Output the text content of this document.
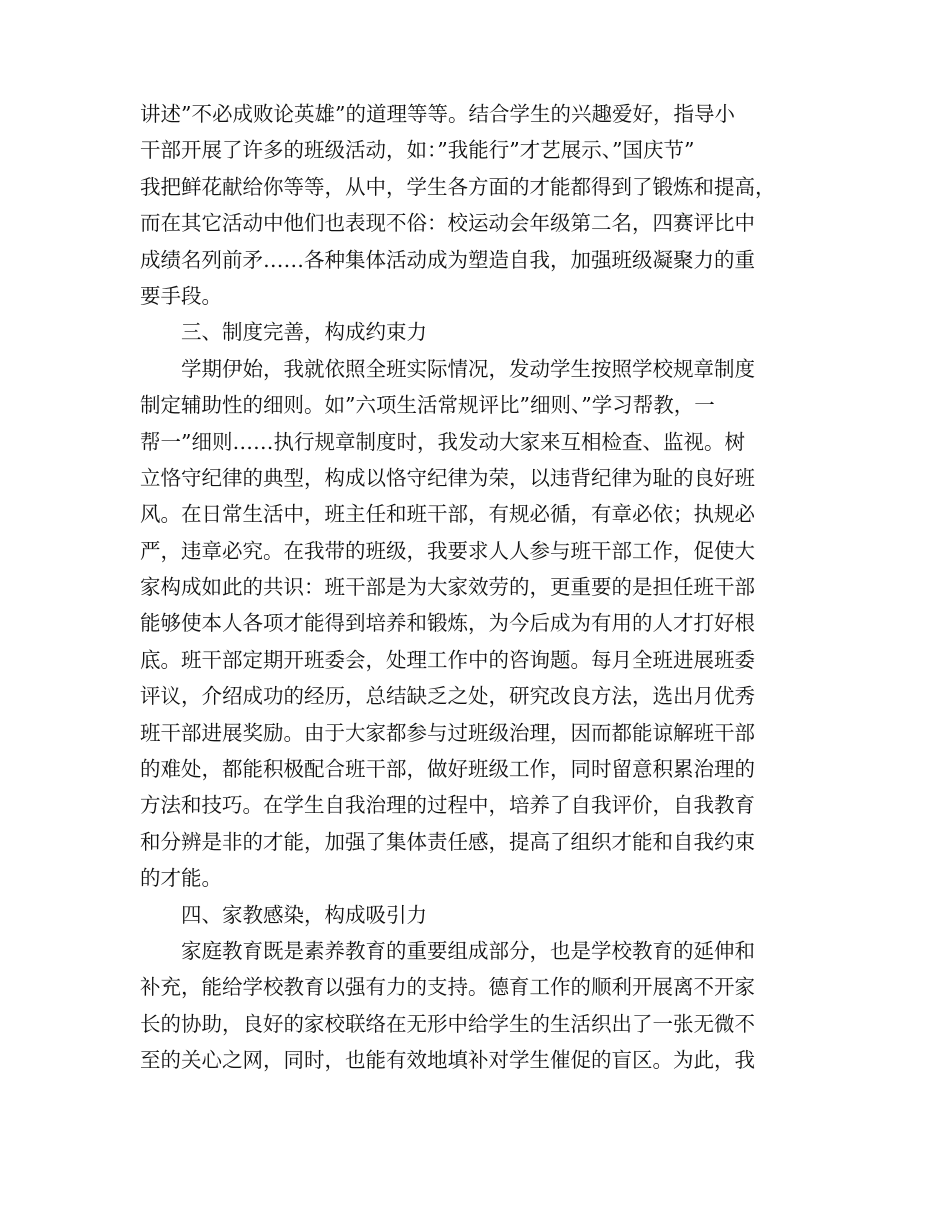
讲述”不必成败论英雄”的道理等等。结合学生的兴趣爱好，指导小
干部开展了许多的班级活动，如：”我能行”才艺展示、”国庆节”
我把鲜花献给你等等，从中，学生各方面的才能都得到了锻炼和提高，
而在其它活动中他们也表现不俗：校运动会年级第二名，四赛评比中
成绩名列前矛……各种集体活动成为塑造自我，加强班级凝聚力的重
要手段。
三、制度完善，构成约束力
学期伊始，我就依照全班实际情况，发动学生按照学校规章制度
制定辅助性的细则。如”六项生活常规评比”细则、”学习帮教，一
帮一”细则……执行规章制度时，我发动大家来互相检查、监视。树
立恪守纪律的典型，构成以恪守纪律为荣，以违背纪律为耻的良好班
风。在日常生活中，班主任和班干部，有规必循，有章必依；执规必
严，违章必究。在我带的班级，我要求人人参与班干部工作，促使大
家构成如此的共识：班干部是为大家效劳的，更重要的是担任班干部
能够使本人各项才能得到培养和锻炼，为今后成为有用的人才打好根
底。班干部定期开班委会，处理工作中的咨询题。每月全班进展班委
评议，介绍成功的经历，总结缺乏之处，研究改良方法，选出月优秀
班干部进展奖励。由于大家都参与过班级治理，因而都能谅解班干部
的难处，都能积极配合班干部，做好班级工作，同时留意积累治理的
方法和技巧。在学生自我治理的过程中，培养了自我评价，自我教育
和分辨是非的才能，加强了集体责任感，提高了组织才能和自我约束
的才能。
四、家教感染，构成吸引力
家庭教育既是素养教育的重要组成部分，也是学校教育的延伸和
补充，能给学校教育以强有力的支持。德育工作的顺利开展离不开家
长的协助，良好的家校联络在无形中给学生的生活织出了一张无微不
至的关心之网，同时，也能有效地填补对学生催促的盲区。为此，我
